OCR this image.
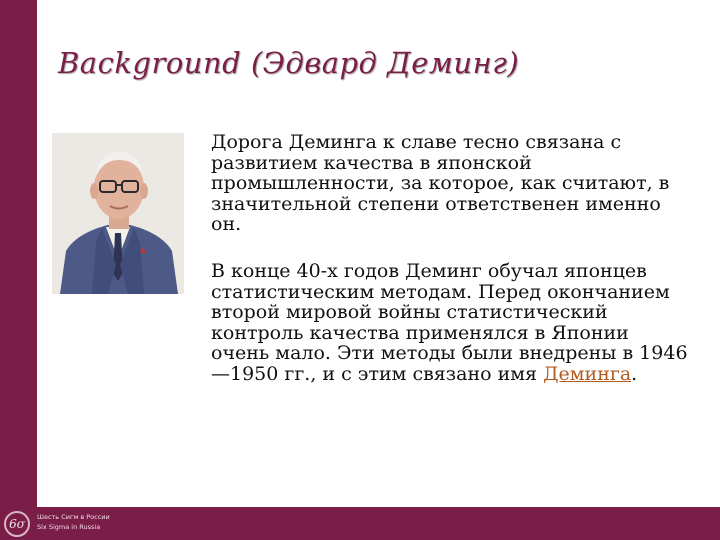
Background (Эдвард Деминг)

Дорога Деминга к славе тесно связана с развитием качества в японской промышленности, за которое, как считают, в значительной степени ответственен именно он.

В конце 40-х годов Деминг обучал японцев статистическим методам. Перед окончанием второй мировой войны статистический контроль качества применялся в Японии очень мало. Эти методы были внедрены в 1946—1950 гг., и с этим связано имя Деминга.

6σ	Шесть Сигм в России
Six Sigma in Russia
